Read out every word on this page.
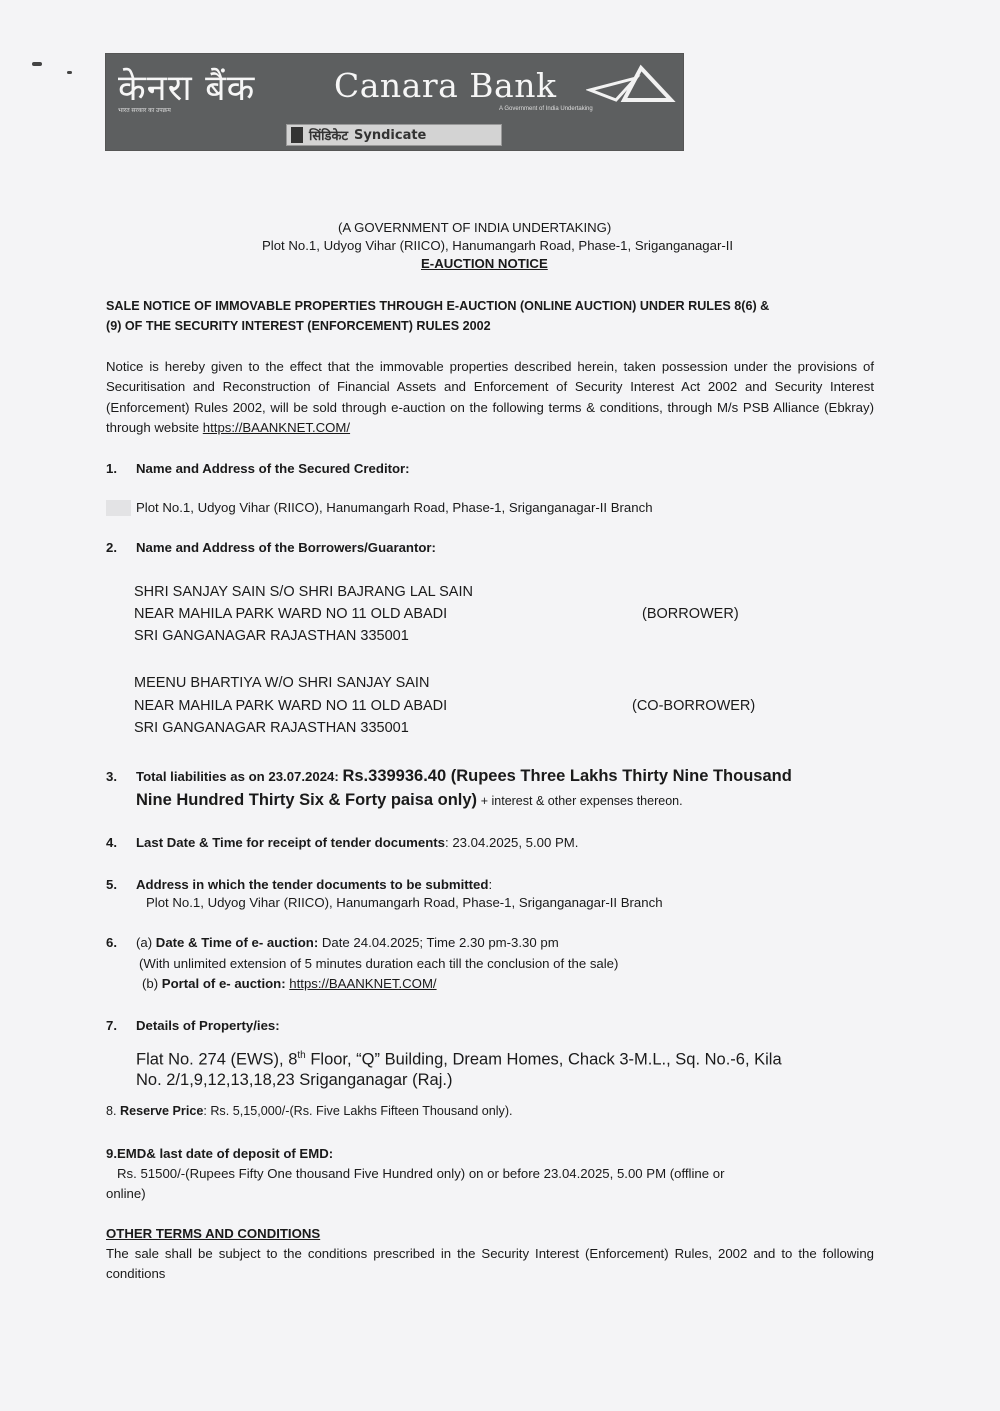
केनरा बैंक
भारत सरकार का उपक्रम
Canara Bank
A Government of India Undertaking
सिंडिकेट Syndicate
(A GOVERNMENT OF INDIA UNDERTAKING)
Plot No.1, Udyog Vihar (RIICO), Hanumangarh Road, Phase-1, Sriganganagar-II
E-AUCTION NOTICE
SALE NOTICE OF IMMOVABLE PROPERTIES THROUGH E-AUCTION (ONLINE AUCTION) UNDER RULES 8(6) &
(9) OF THE SECURITY INTEREST (ENFORCEMENT) RULES 2002
Notice is hereby given to the effect that the immovable properties described herein, taken possession under the provisions of Securitisation and Reconstruction of Financial Assets and Enforcement of Security Interest Act 2002 and Security Interest (Enforcement) Rules 2002, will be sold through e-auction on the following terms & conditions, through M/s PSB Alliance (Ebkray) through website https://BAANKNET.COM/
1. Name and Address of the Secured Creditor:
Plot No.1, Udyog Vihar (RIICO), Hanumangarh Road, Phase-1, Sriganganagar-II Branch
2. Name and Address of the Borrowers/Guarantor:
SHRI SANJAY SAIN S/O SHRI BAJRANG LAL SAIN
NEAR MAHILA PARK WARD NO 11 OLD ABADI
SRI GANGANAGAR RAJASTHAN 335001
(BORROWER)
MEENU BHARTIYA W/O SHRI SANJAY SAIN
NEAR MAHILA PARK WARD NO 11 OLD ABADI
SRI GANGANAGAR RAJASTHAN 335001
(CO-BORROWER)
3. Total liabilities as on 23.07.2024: Rs.339936.40 (Rupees Three Lakhs Thirty Nine Thousand
Nine Hundred Thirty Six & Forty paisa only) + interest & other expenses thereon.
4. Last Date & Time for receipt of tender documents: 23.04.2025, 5.00 PM.
5. Address in which the tender documents to be submitted:
Plot No.1, Udyog Vihar (RIICO), Hanumangarh Road, Phase-1, Sriganganagar-II Branch
6. (a) Date & Time of e- auction: Date 24.04.2025; Time 2.30 pm-3.30 pm
(With unlimited extension of 5 minutes duration each till the conclusion of the sale)
(b) Portal of e- auction: https://BAANKNET.COM/
7. Details of Property/ies:
Flat No. 274 (EWS), 8th Floor, “Q” Building, Dream Homes, Chack 3-M.L., Sq. No.-6, Kila
No. 2/1,9,12,13,18,23 Sriganganagar (Raj.)
8. Reserve Price: Rs. 5,15,000/-(Rs. Five Lakhs Fifteen Thousand only).
9.EMD& last date of deposit of EMD:
Rs. 51500/-(Rupees Fifty One thousand Five Hundred only) on or before 23.04.2025, 5.00 PM (offline or
online)
OTHER TERMS AND CONDITIONS
The sale shall be subject to the conditions prescribed in the Security Interest (Enforcement) Rules, 2002 and to the following conditions
